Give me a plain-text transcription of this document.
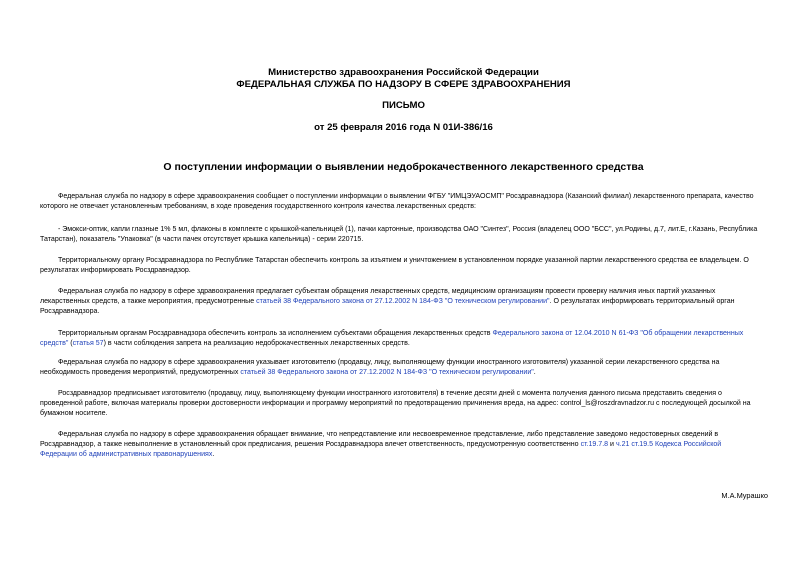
Министерство здравоохранения Российской Федерации
ФЕДЕРАЛЬНАЯ СЛУЖБА ПО НАДЗОРУ В СФЕРЕ ЗДРАВООХРАНЕНИЯ
ПИСЬМО
от 25 февраля 2016 года N 01И-386/16
О поступлении информации о выявлении недоброкачественного лекарственного средства
Федеральная служба по надзору в сфере здравоохранения сообщает о поступлении информации о выявлении ФГБУ "ИМЦЭУАОСМП" Росздравнадзора (Казанский филиал) лекарственного препарата, качество
которого не отвечает установленным требованиям, в ходе проведения государственного контроля качества лекарственных средств:
- Эмокси-оптик, капли глазные 1% 5 мл, флаконы в комплекте с крышкой-капельницей (1), пачки картонные, производства ОАО "Синтез", Россия (владелец ООО "БСС", ул.Родины, д.7, лит.Е, г.Казань, Республика
Татарстан), показатель "Упаковка" (в части пачек отсутствует крышка капельница) - серии 220715.
Территориальному органу Росздравнадзора по Республике Татарстан обеспечить контроль за изъятием и уничтожением в установленном порядке указанной партии лекарственного средства ее владельцем. О
результатах информировать Росздравнадзор.
Федеральная служба по надзору в сфере здравоохранения предлагает субъектам обращения лекарственных средств, медицинским организациям провести проверку наличия иных партий указанных
лекарственных средств, а также мероприятия, предусмотренные статьей 38 Федерального закона от 27.12.2002 N 184-ФЗ "О техническом регулировании". О результатах информировать территориальный орган
Росздравнадзора.
Территориальным органам Росздравнадзора обеспечить контроль за исполнением субъектами обращения лекарственных средств Федерального закона от 12.04.2010 N 61-ФЗ "Об обращении лекарственных
средств" (статья 57) в части соблюдения запрета на реализацию недоброкачественных лекарственных средств.
Федеральная служба по надзору в сфере здравоохранения указывает изготовителю (продавцу, лицу, выполняющему функции иностранного изготовителя) указанной серии лекарственного средства на
необходимость проведения мероприятий, предусмотренных статьей 38 Федерального закона от 27.12.2002 N 184-ФЗ "О техническом регулировании".
Росздравнадзор предписывает изготовителю (продавцу, лицу, выполняющему функции иностранного изготовителя) в течение десяти дней с момента получения данного письма представить сведения о
проведенной работе, включая материалы проверки достоверности информации и программу мероприятий по предотвращению причинения вреда, на адрес: control_ls@roszdravnadzor.ru с последующей досылкой на
бумажном носителе.
Федеральная служба по надзору в сфере здравоохранения обращает внимание, что непредставление или несвоевременное представление, либо представление заведомо недостоверных сведений в
Росздравнадзор, а также невыполнение в установленный срок предписания, решения Росздравнадзора влечет ответственность, предусмотренную соответственно ст.19.7.8 и ч.21 ст.19.5 Кодекса Российской
Федерации об административных правонарушениях.
М.А.Мурашко
